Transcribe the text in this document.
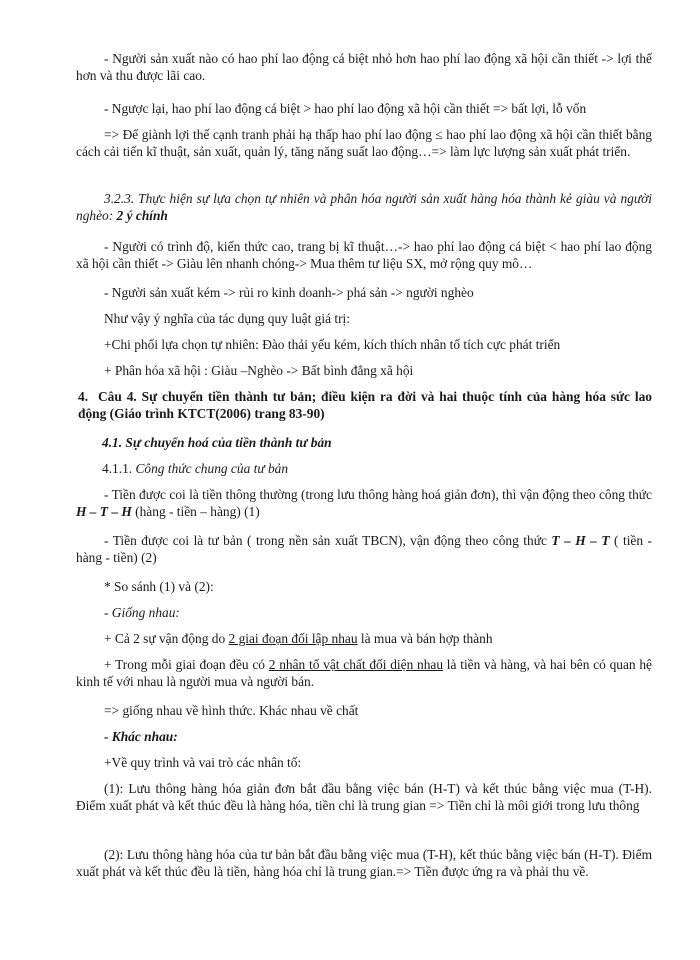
- Người sản xuất nào có hao phí lao động cá biệt nhỏ hơn hao phí lao động xã hội cần thiết -> lợi thế hơn và thu được lãi cao.

- Ngược lại, hao phí lao động cá biệt > hao phí lao động xã hội cần thiết => bất lợi, lỗ vốn

=> Để giành lợi thế cạnh tranh phải hạ thấp hao phí lao động ≤ hao phí lao động xã hội cần thiết bằng cách cải tiến kĩ thuật, sản xuất, quản lý, tăng năng suất lao động…=> làm lực lượng sản xuất phát triển.

3.2.3. Thực hiện sự lựa chọn tự nhiên và phân hóa người sản xuất hàng hóa thành kẻ giàu và người nghèo: 2 ý chính

- Người có trình độ, kiến thức cao, trang bị kĩ thuật…-> hao phí lao động cá biệt < hao phí lao động xã hội cần thiết -> Giàu lên nhanh chóng-> Mua thêm tư liệu SX, mở rộng quy mô…

- Người sản xuất kém -> rủi ro kinh doanh-> phá sản -> người nghèo

Như vậy ý nghĩa của tác dụng quy luật giá trị:

+Chi phối lựa chọn tự nhiên: Đào thải yếu kém, kích thích nhân tố tích cực phát triển

+ Phân hóa xã hội : Giàu –Nghèo -> Bất bình đẳng xã hội

4. Câu 4. Sự chuyển tiền thành tư bản; điều kiện ra đời và hai thuộc tính của hàng hóa sức lao động (Giáo trình KTCT(2006) trang 83-90)

4.1. Sự chuyển hoá của tiền thành tư bản

4.1.1. Công thức chung của tư bản

- Tiền được coi là tiền thông thường (trong lưu thông hàng hoá giản đơn), thì vận động theo công thức H – T – H (hàng - tiền – hàng) (1)

- Tiền được coi là tư bản ( trong nền sản xuất TBCN), vận động theo công thức T – H – T ( tiền - hàng - tiền) (2)

* So sánh (1) và (2):

- Giống nhau:

+ Cả 2 sự vận động do 2 giai đoạn đối lập nhau là mua và bán hợp thành

+ Trong mỗi giai đoạn đều có 2 nhân tố vật chất đối diện nhau là tiền và hàng, và hai bên có quan hệ kinh tế với nhau là người mua và người bán.

=> giống nhau về hình thức. Khác nhau về chất

- Khác nhau:

+Về quy trình và vai trò các nhân tố:

(1): Lưu thông hàng hóa giản đơn bắt đầu bằng việc bán (H-T) và kết thúc bằng việc mua (T-H). Điểm xuất phát và kết thúc đều là hàng hóa, tiền chỉ là trung gian => Tiền chỉ là môi giới trong lưu thông

(2): Lưu thông hàng hóa của tư bản bắt đầu bằng việc mua (T-H), kết thúc bằng việc bán (H-T). Điểm xuất phát và kết thúc đều là tiền, hàng hóa chỉ là trung gian.=> Tiền được ứng ra và phải thu về.
